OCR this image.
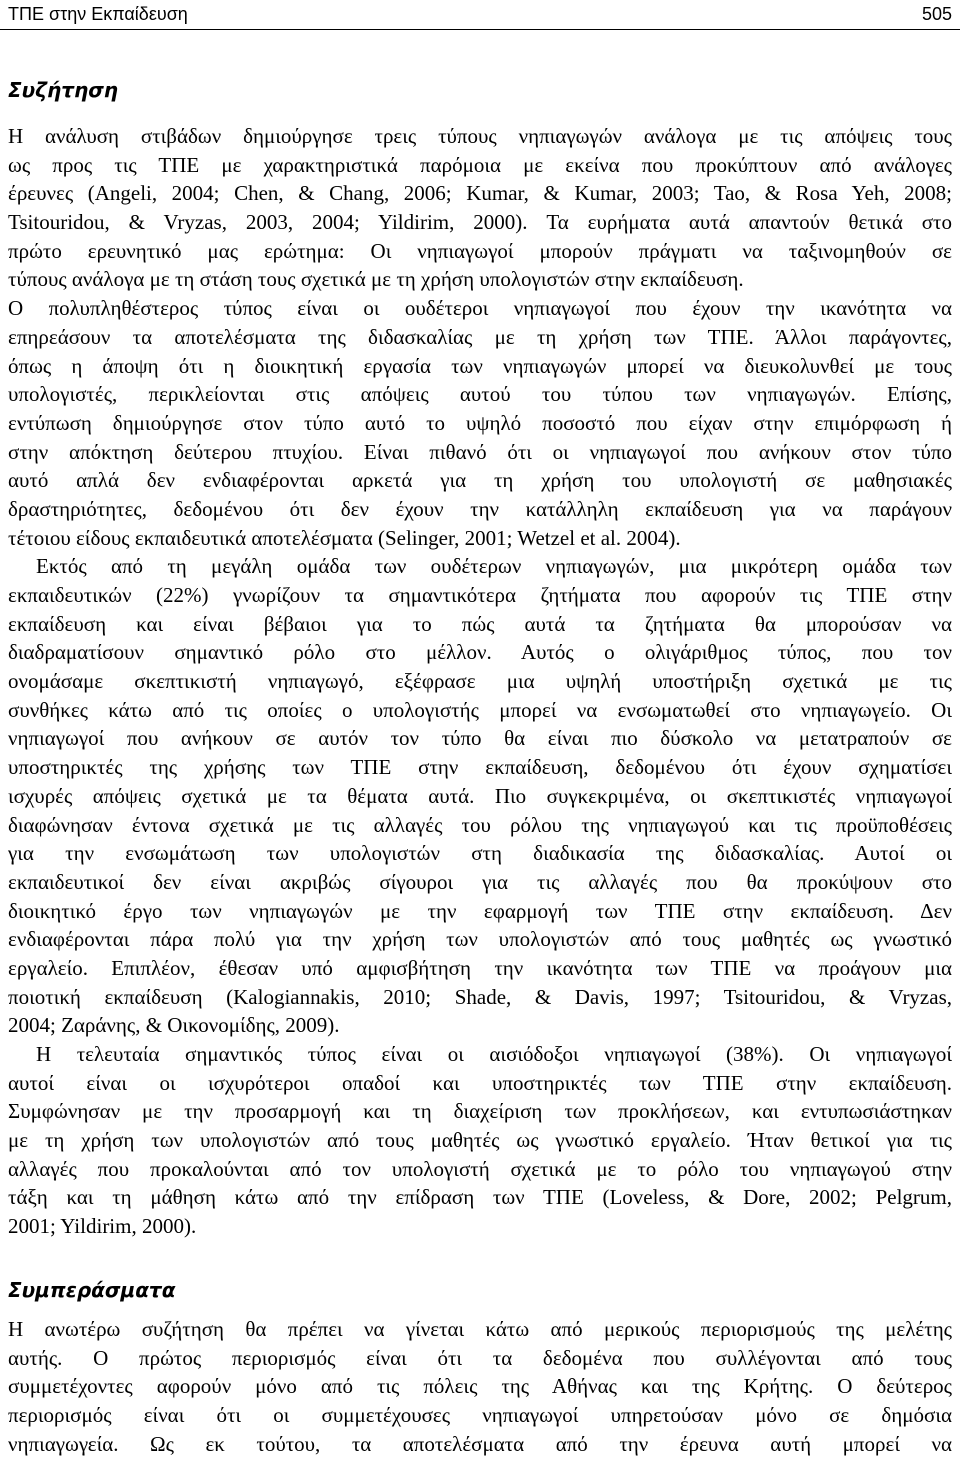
ΤΠΕ στην Εκπαίδευση	505
Συζήτηση
Η ανάλυση στιβάδων δημιούργησε τρεις τύπους νηπιαγωγών ανάλογα με τις απόψεις τους
ως προς τις ΤΠΕ με χαρακτηριστικά παρόμοια με εκείνα που προκύπτουν από ανάλογες
έρευνες (Angeli, 2004; Chen, & Chang, 2006; Kumar, & Kumar, 2003; Tao, & Rosa Yeh, 2008;
Tsitouridou, & Vryzas, 2003, 2004; Yildirim, 2000). Τα ευρήματα αυτά απαντούν θετικά στο
πρώτο ερευνητικό μας ερώτημα: Οι νηπιαγωγοί μπορούν πράγματι να ταξινομηθούν σε
τύπους ανάλογα με τη στάση τους σχετικά με τη χρήση υπολογιστών στην εκπαίδευση.
Ο πολυπληθέστερος τύπος είναι οι ουδέτεροι νηπιαγωγοί που έχουν την ικανότητα να
επηρεάσουν τα αποτελέσματα της διδασκαλίας με τη χρήση των ΤΠΕ. Άλλοι παράγοντες,
όπως η άποψη ότι η διοικητική εργασία των νηπιαγωγών μπορεί να διευκολυνθεί με τους
υπολογιστές, περικλείονται στις απόψεις αυτού του τύπου των νηπιαγωγών. Επίσης,
εντύπωση δημιούργησε στον τύπο αυτό το υψηλό ποσοστό που είχαν στην επιμόρφωση ή
στην απόκτηση δεύτερου πτυχίου. Είναι πιθανό ότι οι νηπιαγωγοί που ανήκουν στον τύπο
αυτό απλά δεν ενδιαφέρονται αρκετά για τη χρήση του υπολογιστή σε μαθησιακές
δραστηριότητες, δεδομένου ότι δεν έχουν την κατάλληλη εκπαίδευση για να παράγουν
τέτοιου είδους εκπαιδευτικά αποτελέσματα (Selinger, 2001; Wetzel et al. 2004).
Εκτός από τη μεγάλη ομάδα των ουδέτερων νηπιαγωγών, μια μικρότερη ομάδα των
εκπαιδευτικών (22%) γνωρίζουν τα σημαντικότερα ζητήματα που αφορούν τις ΤΠΕ στην
εκπαίδευση και είναι βέβαιοι για το πώς αυτά τα ζητήματα θα μπορούσαν να
διαδραματίσουν σημαντικό ρόλο στο μέλλον. Αυτός ο ολιγάριθμος τύπος, που τον
ονομάσαμε σκεπτικιστή νηπιαγωγό, εξέφρασε μια υψηλή υποστήριξη σχετικά με τις
συνθήκες κάτω από τις οποίες ο υπολογιστής μπορεί να ενσωματωθεί στο νηπιαγωγείο. Οι
νηπιαγωγοί που ανήκουν σε αυτόν τον τύπο θα είναι πιο δύσκολο να μετατραπούν σε
υποστηρικτές της χρήσης των ΤΠΕ στην εκπαίδευση, δεδομένου ότι έχουν σχηματίσει
ισχυρές απόψεις σχετικά με τα θέματα αυτά. Πιο συγκεκριμένα, οι σκεπτικιστές νηπιαγωγοί
διαφώνησαν έντονα σχετικά με τις αλλαγές του ρόλου της νηπιαγωγού και τις προϋποθέσεις
για την ενσωμάτωση των υπολογιστών στη διαδικασία της διδασκαλίας. Αυτοί οι
εκπαιδευτικοί δεν είναι ακριβώς σίγουροι για τις αλλαγές που θα προκύψουν στο
διοικητικό έργο των νηπιαγωγών με την εφαρμογή των ΤΠΕ στην εκπαίδευση. Δεν
ενδιαφέρονται πάρα πολύ για την χρήση των υπολογιστών από τους μαθητές ως γνωστικό
εργαλείο. Επιπλέον, έθεσαν υπό αμφισβήτηση την ικανότητα των ΤΠΕ να προάγουν μια
ποιοτική εκπαίδευση (Kalogiannakis, 2010; Shade, & Davis, 1997; Tsitouridou, & Vryzas,
2004; Ζαράνης, & Οικονομίδης, 2009).
Η τελευταία σημαντικός τύπος είναι οι αισιόδοξοι νηπιαγωγοί (38%). Οι νηπιαγωγοί
αυτοί είναι οι ισχυρότεροι οπαδοί και υποστηρικτές των ΤΠΕ στην εκπαίδευση.
Συμφώνησαν με την προσαρμογή και τη διαχείριση των προκλήσεων, και εντυπωσιάστηκαν
με τη χρήση των υπολογιστών από τους μαθητές ως γνωστικό εργαλείο. Ήταν θετικοί για τις
αλλαγές που προκαλούνται από τον υπολογιστή σχετικά με το ρόλο του νηπιαγωγού στην
τάξη και τη μάθηση κάτω από την επίδραση των ΤΠΕ (Loveless, & Dore, 2002; Pelgrum,
2001; Yildirim, 2000).
Συμπεράσματα
Η ανωτέρω συζήτηση θα πρέπει να γίνεται κάτω από μερικούς περιορισμούς της μελέτης
αυτής. Ο πρώτος περιορισμός είναι ότι τα δεδομένα που συλλέγονται από τους
συμμετέχοντες αφορούν μόνο από τις πόλεις της Αθήνας και της Κρήτης. Ο δεύτερος
περιορισμός είναι ότι οι συμμετέχουσες νηπιαγωγοί υπηρετούσαν μόνο σε δημόσια
νηπιαγωγεία. Ως εκ τούτου, τα αποτελέσματα από την έρευνα αυτή μπορεί να
